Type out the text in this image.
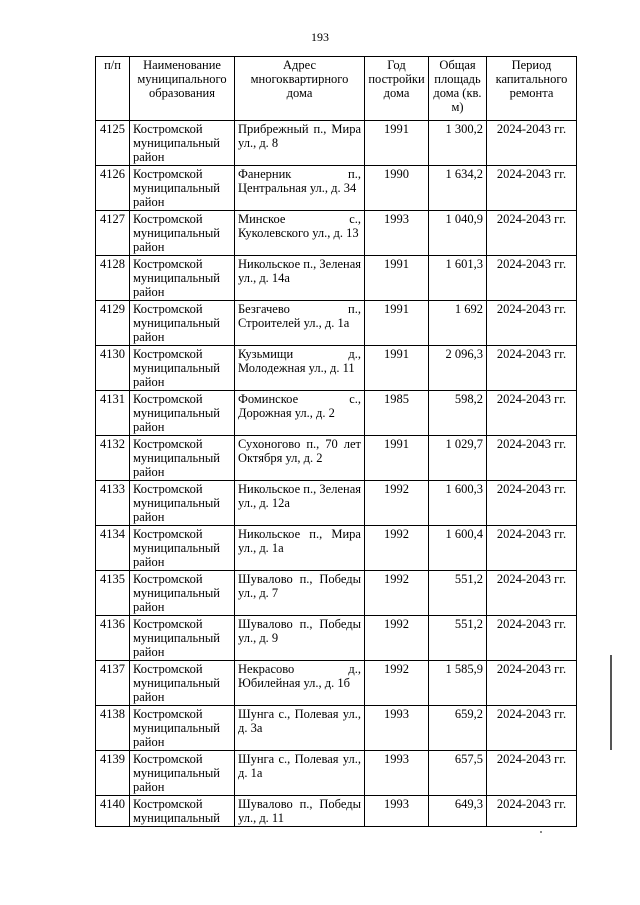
193
п/п	Наименование муниципального образования	Адрес многоквартирного дома	Год постройки дома	Общая площадь дома (кв. м)	Период капитального ремонта
4125	Костромской муниципальный район	Прибрежный п., Мира ул., д. 8	1991	1 300,2	2024-2043 гг.
4126	Костромской муниципальный район	Фанерник п., Центральная ул., д. 34	1990	1 634,2	2024-2043 гг.
4127	Костромской муниципальный район	Минское с., Куколевского ул., д. 13	1993	1 040,9	2024-2043 гг.
4128	Костромской муниципальный район	Никольское п., Зеленая ул., д. 14а	1991	1 601,3	2024-2043 гг.
4129	Костромской муниципальный район	Безгачево п., Строителей ул., д. 1а	1991	1 692	2024-2043 гг.
4130	Костромской муниципальный район	Кузьмищи д., Молодежная ул., д. 11	1991	2 096,3	2024-2043 гг.
4131	Костромской муниципальный район	Фоминское с., Дорожная ул., д. 2	1985	598,2	2024-2043 гг.
4132	Костромской муниципальный район	Сухоногово п., 70 лет Октября ул, д. 2	1991	1 029,7	2024-2043 гг.
4133	Костромской муниципальный район	Никольское п., Зеленая ул., д. 12а	1992	1 600,3	2024-2043 гг.
4134	Костромской муниципальный район	Никольское п., Мира ул., д. 1а	1992	1 600,4	2024-2043 гг.
4135	Костромской муниципальный район	Шувалово п., Победы ул., д. 7	1992	551,2	2024-2043 гг.
4136	Костромской муниципальный район	Шувалово п., Победы ул., д. 9	1992	551,2	2024-2043 гг.
4137	Костромской муниципальный район	Некрасово д., Юбилейная ул., д. 1б	1992	1 585,9	2024-2043 гг.
4138	Костромской муниципальный район	Шунга с., Полевая ул., д. 3а	1993	659,2	2024-2043 гг.
4139	Костромской муниципальный район	Шунга с., Полевая ул., д. 1а	1993	657,5	2024-2043 гг.
4140	Костромской муниципальный	Шувалово п., Победы ул., д. 11	1993	649,3	2024-2043 гг.
